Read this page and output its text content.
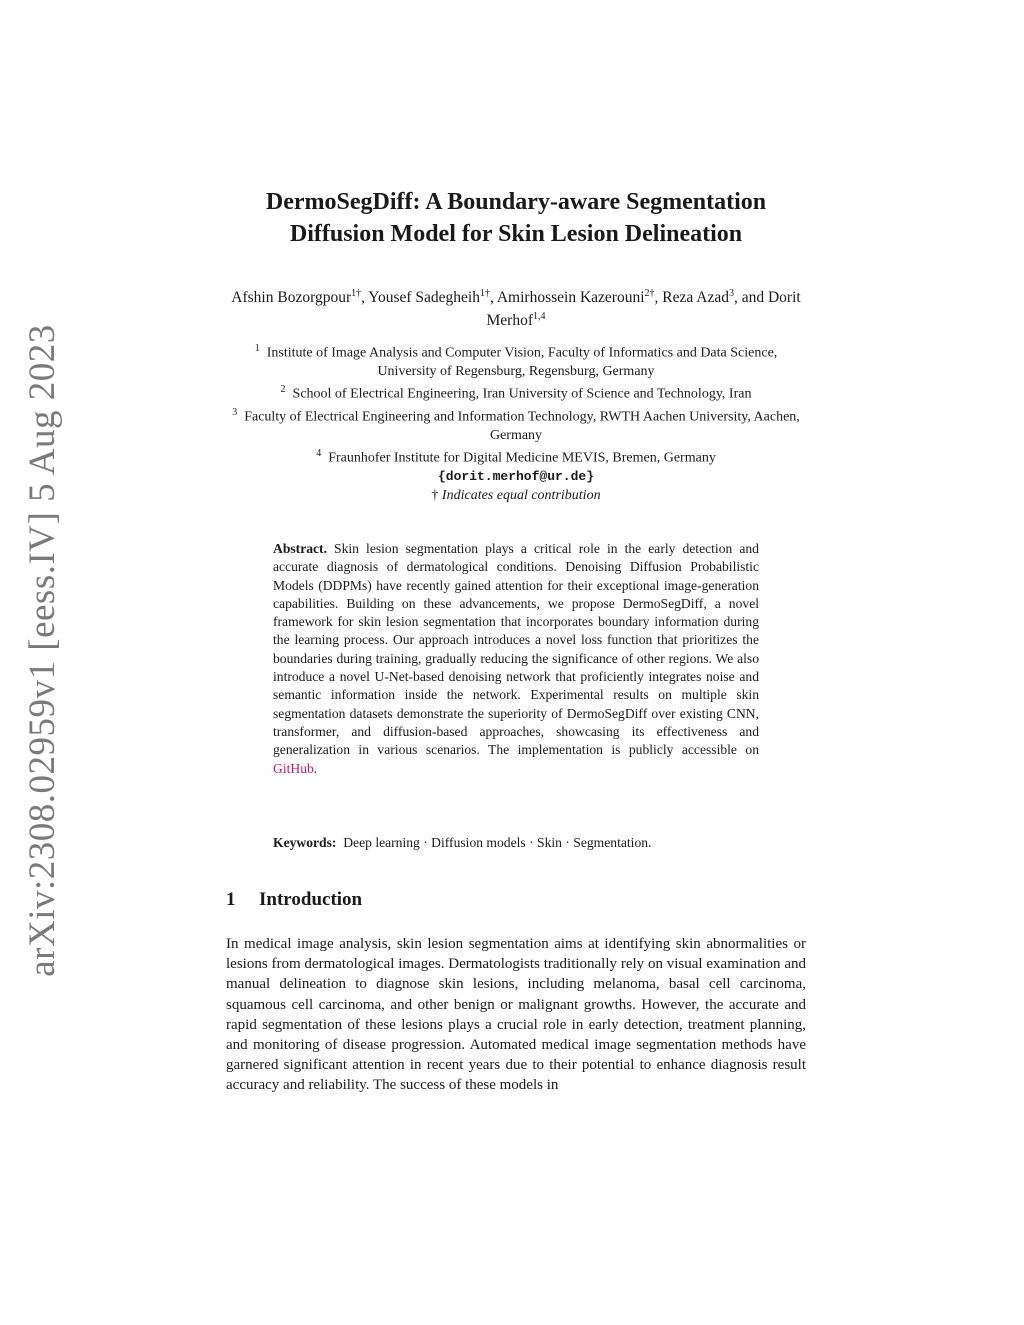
arXiv:2308.02959v1 [eess.IV] 5 Aug 2023
DermoSegDiff: A Boundary-aware Segmentation
Diffusion Model for Skin Lesion Delineation
Afshin Bozorgpour$^{1\dagger}$, Yousef Sadegheih$^{1\dagger}$, Amirhossein Kazerouni$^{2\dagger}$, Reza Azad$^3$, and Dorit Merhof$^{1,4}$

$^1$ Institute of Image Analysis and Computer Vision, Faculty of Informatics and Data Science, University of Regensburg, Regensburg, Germany

$^2$ School of Electrical Engineering, Iran University of Science and Technology, Iran

$^3$ Faculty of Electrical Engineering and Information Technology, RWTH Aachen University, Aachen, Germany

$^4$ Fraunhofer Institute for Digital Medicine MEVIS, Bremen, Germany

{dorit.merhof@ur.de}

† Indicates equal contribution

Abstract. Skin lesion segmentation plays a critical role in the early detection and accurate diagnosis of dermatological conditions. Denoising Diffusion Probabilistic Models (DDPMs) have recently gained attention for their exceptional image-generation capabilities. Building on these advancements, we propose DermoSegDiff, a novel framework for skin lesion segmentation that incorporates boundary information during the learning process. Our approach introduces a novel loss function that prioritizes the boundaries during training, gradually reducing the significance of other regions. We also introduce a novel U-Net-based denoising network that proficiently integrates noise and semantic information inside the network. Experimental results on multiple skin segmentation datasets demonstrate the superiority of DermoSegDiff over existing CNN, transformer, and diffusion-based approaches, showcasing its effectiveness and generalization in various scenarios. The implementation is publicly accessible on GitHub.

Keywords: Deep learning · Diffusion models · Skin · Segmentation.

1 Introduction

In medical image analysis, skin lesion segmentation aims at identifying skin abnormalities or lesions from dermatological images. Dermatologists traditionally rely on visual examination and manual delineation to diagnose skin lesions, including melanoma, basal cell carcinoma, squamous cell carcinoma, and other benign or malignant growths. However, the accurate and rapid segmentation of these lesions plays a crucial role in early detection, treatment planning, and monitoring of disease progression. Automated medical image segmentation methods have garnered significant attention in recent years due to their potential to enhance diagnosis result accuracy and reliability. The success of these models in
